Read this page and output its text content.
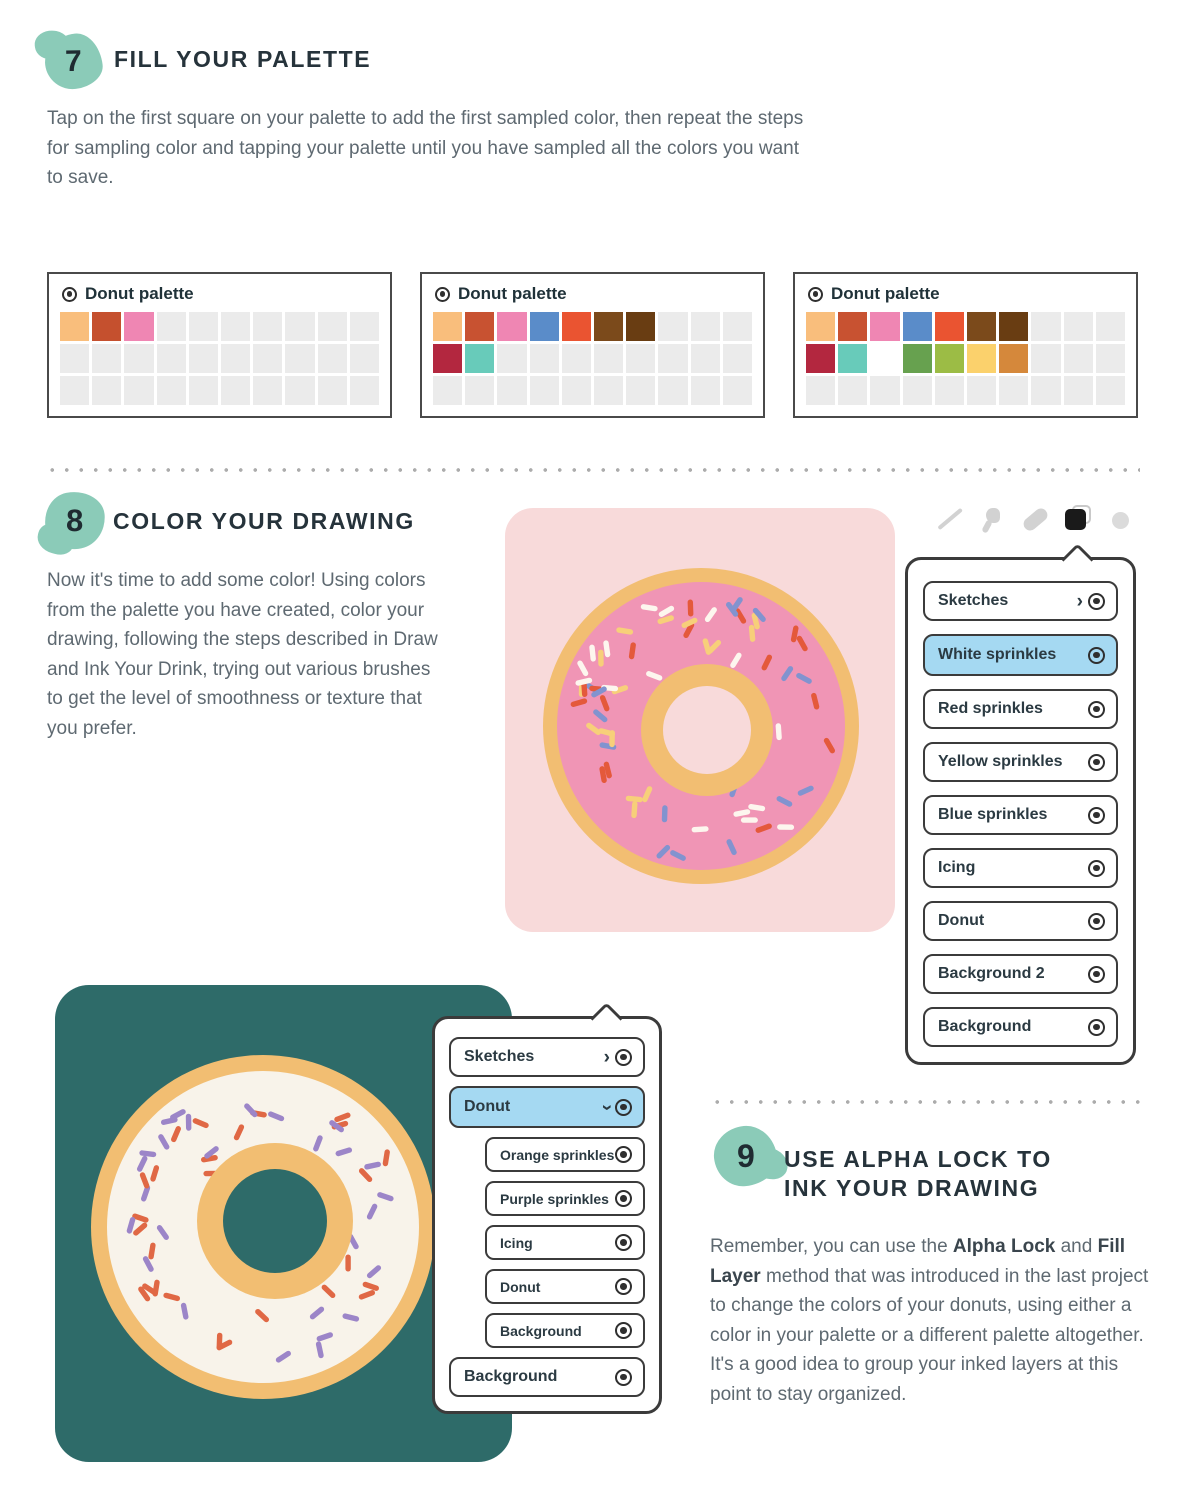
7 FILL YOUR PALETTE

Tap on the first square on your palette to add the first sampled color, then repeat the steps for sampling color and tapping your palette until you have sampled all the colors you want to save.

Donut palette	Donut palette	Donut palette
8 COLOR YOUR DRAWING

Now it's time to add some color! Using colors from the palette you have created, color your drawing, following the steps described in Draw and Ink Your Drink, trying out various brushes to get the level of smoothness or texture that you prefer.

Sketches	›
White sprinkles
Red sprinkles
Yellow sprinkles
Blue sprinkles
Icing
Donut
Background 2
Background
Sketches	›
Donut	›
Orange sprinkles
Purple sprinkles
Icing
Donut
Background
Background
9 USE ALPHA LOCK TO
INK YOUR DRAWING

Remember, you can use the Alpha Lock and Fill Layer method that was introduced in the last project to change the colors of your donuts, using either a color in your palette or a different palette altogether. It's a good idea to group your inked layers at this point to stay organized.
